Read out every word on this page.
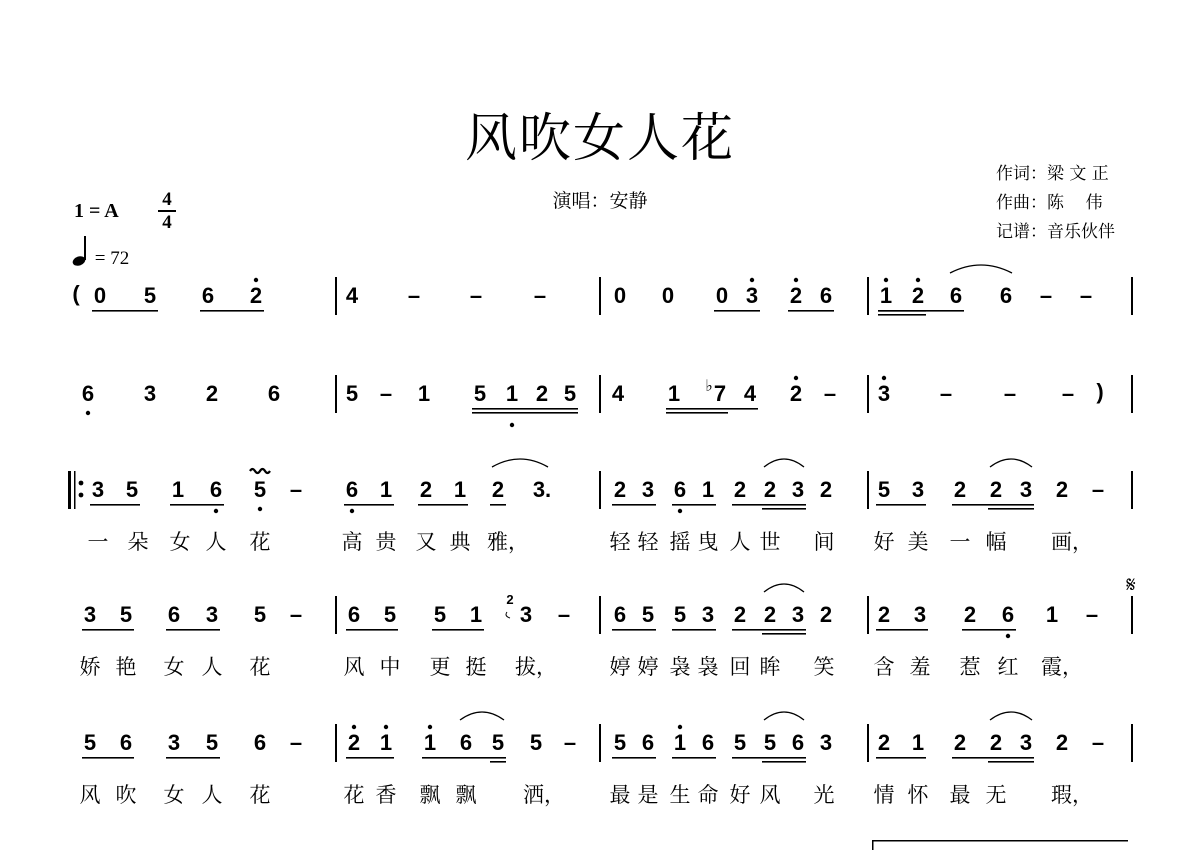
风吹女人花
演唱：安静
作词：梁 文 正
作曲：陈    伟
记谱：音乐伙伴
1 = A
4
4
= 72
( 0 5 6 2	4 – – –	0 0 0 3 2 6 1 2 6 6 – –
6 3 2 6	5 – 1 5 1 2 5 4 1 7
♭ 4 2 – 3 – – – )
3 5 1 6 5 – 6 1 2 1 2 3.	2 3 6 1 2 2 3 2 5 3 2 2 3 2 –
一 朵 女 人 花	高 贵 又 典 雅，	轻 轻 摇 曳 人 世 间 好 美 一 幅 画，
𝄋
3 5 6 3 5 – 6 5 5 1 3
2
– 6 5 5 3 2 2 3 2 2 3 2 6 1 –
娇 艳 女 人 花	风 中 更 挺 拔，	婷 婷 袅 袅 回 眸 笑 含 羞 惹 红 霞，
5 6 3 5 6 – 2 1 1 6 5 5 – 5 6 1 6 5 5 6 3 2 1 2 2 3 2 –
风 吹 女 人 花	花 香 飘 飘 洒， 最 是 生 命 好 风 光 情 怀 最 无 瑕，
